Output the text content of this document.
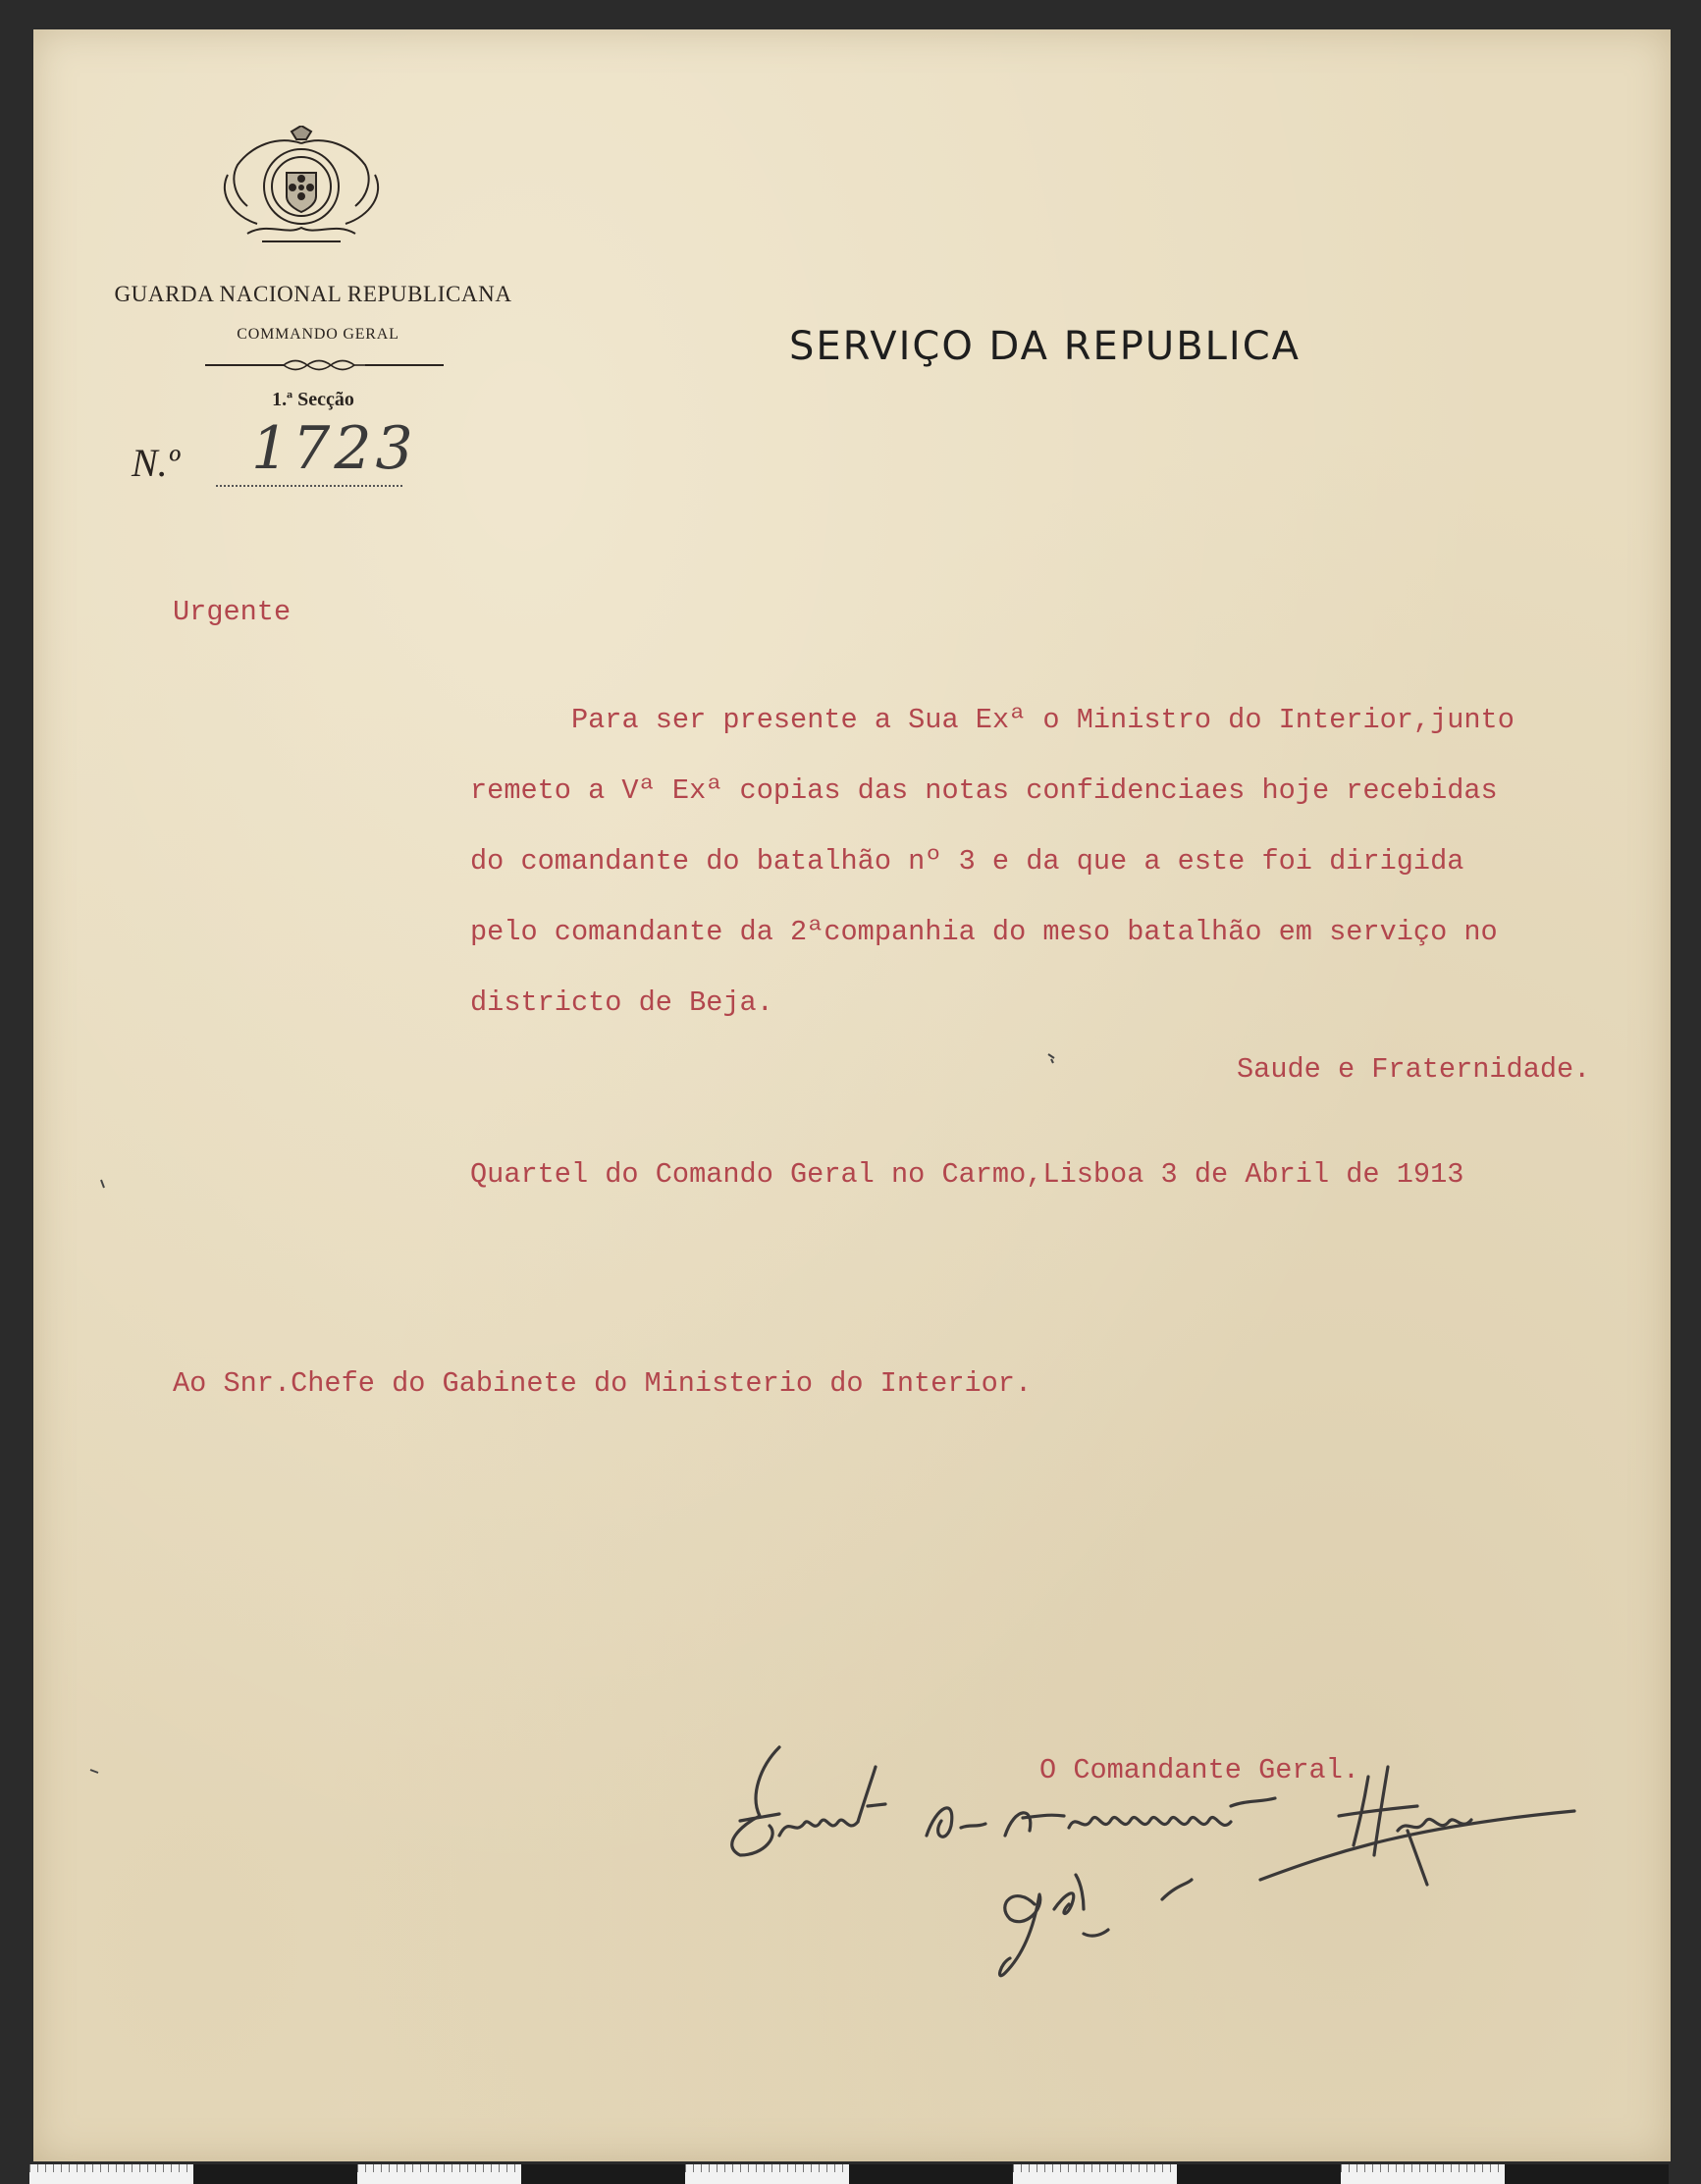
GUARDA NACIONAL REPUBLICANA
COMMANDO GERAL
1.ª Secção
N.º 1723
SERVIÇO DA REPUBLICA
Urgente
Para ser presente a Sua Exª o Ministro do Interior,junto
remeto a Vª Exª copias das notas confidenciaes hoje recebidas
do comandante do batalhão nº 3 e da que a este foi dirigida
pelo comandante da 2ªcompanhia do meso batalhão em serviço no
districto de Beja.
Saude e Fraternidade.
Quartel do Comando Geral no Carmo,Lisboa 3 de Abril de 1913
Ao Snr.Chefe do Gabinete do Ministerio do Interior.
O Comandante Geral.
